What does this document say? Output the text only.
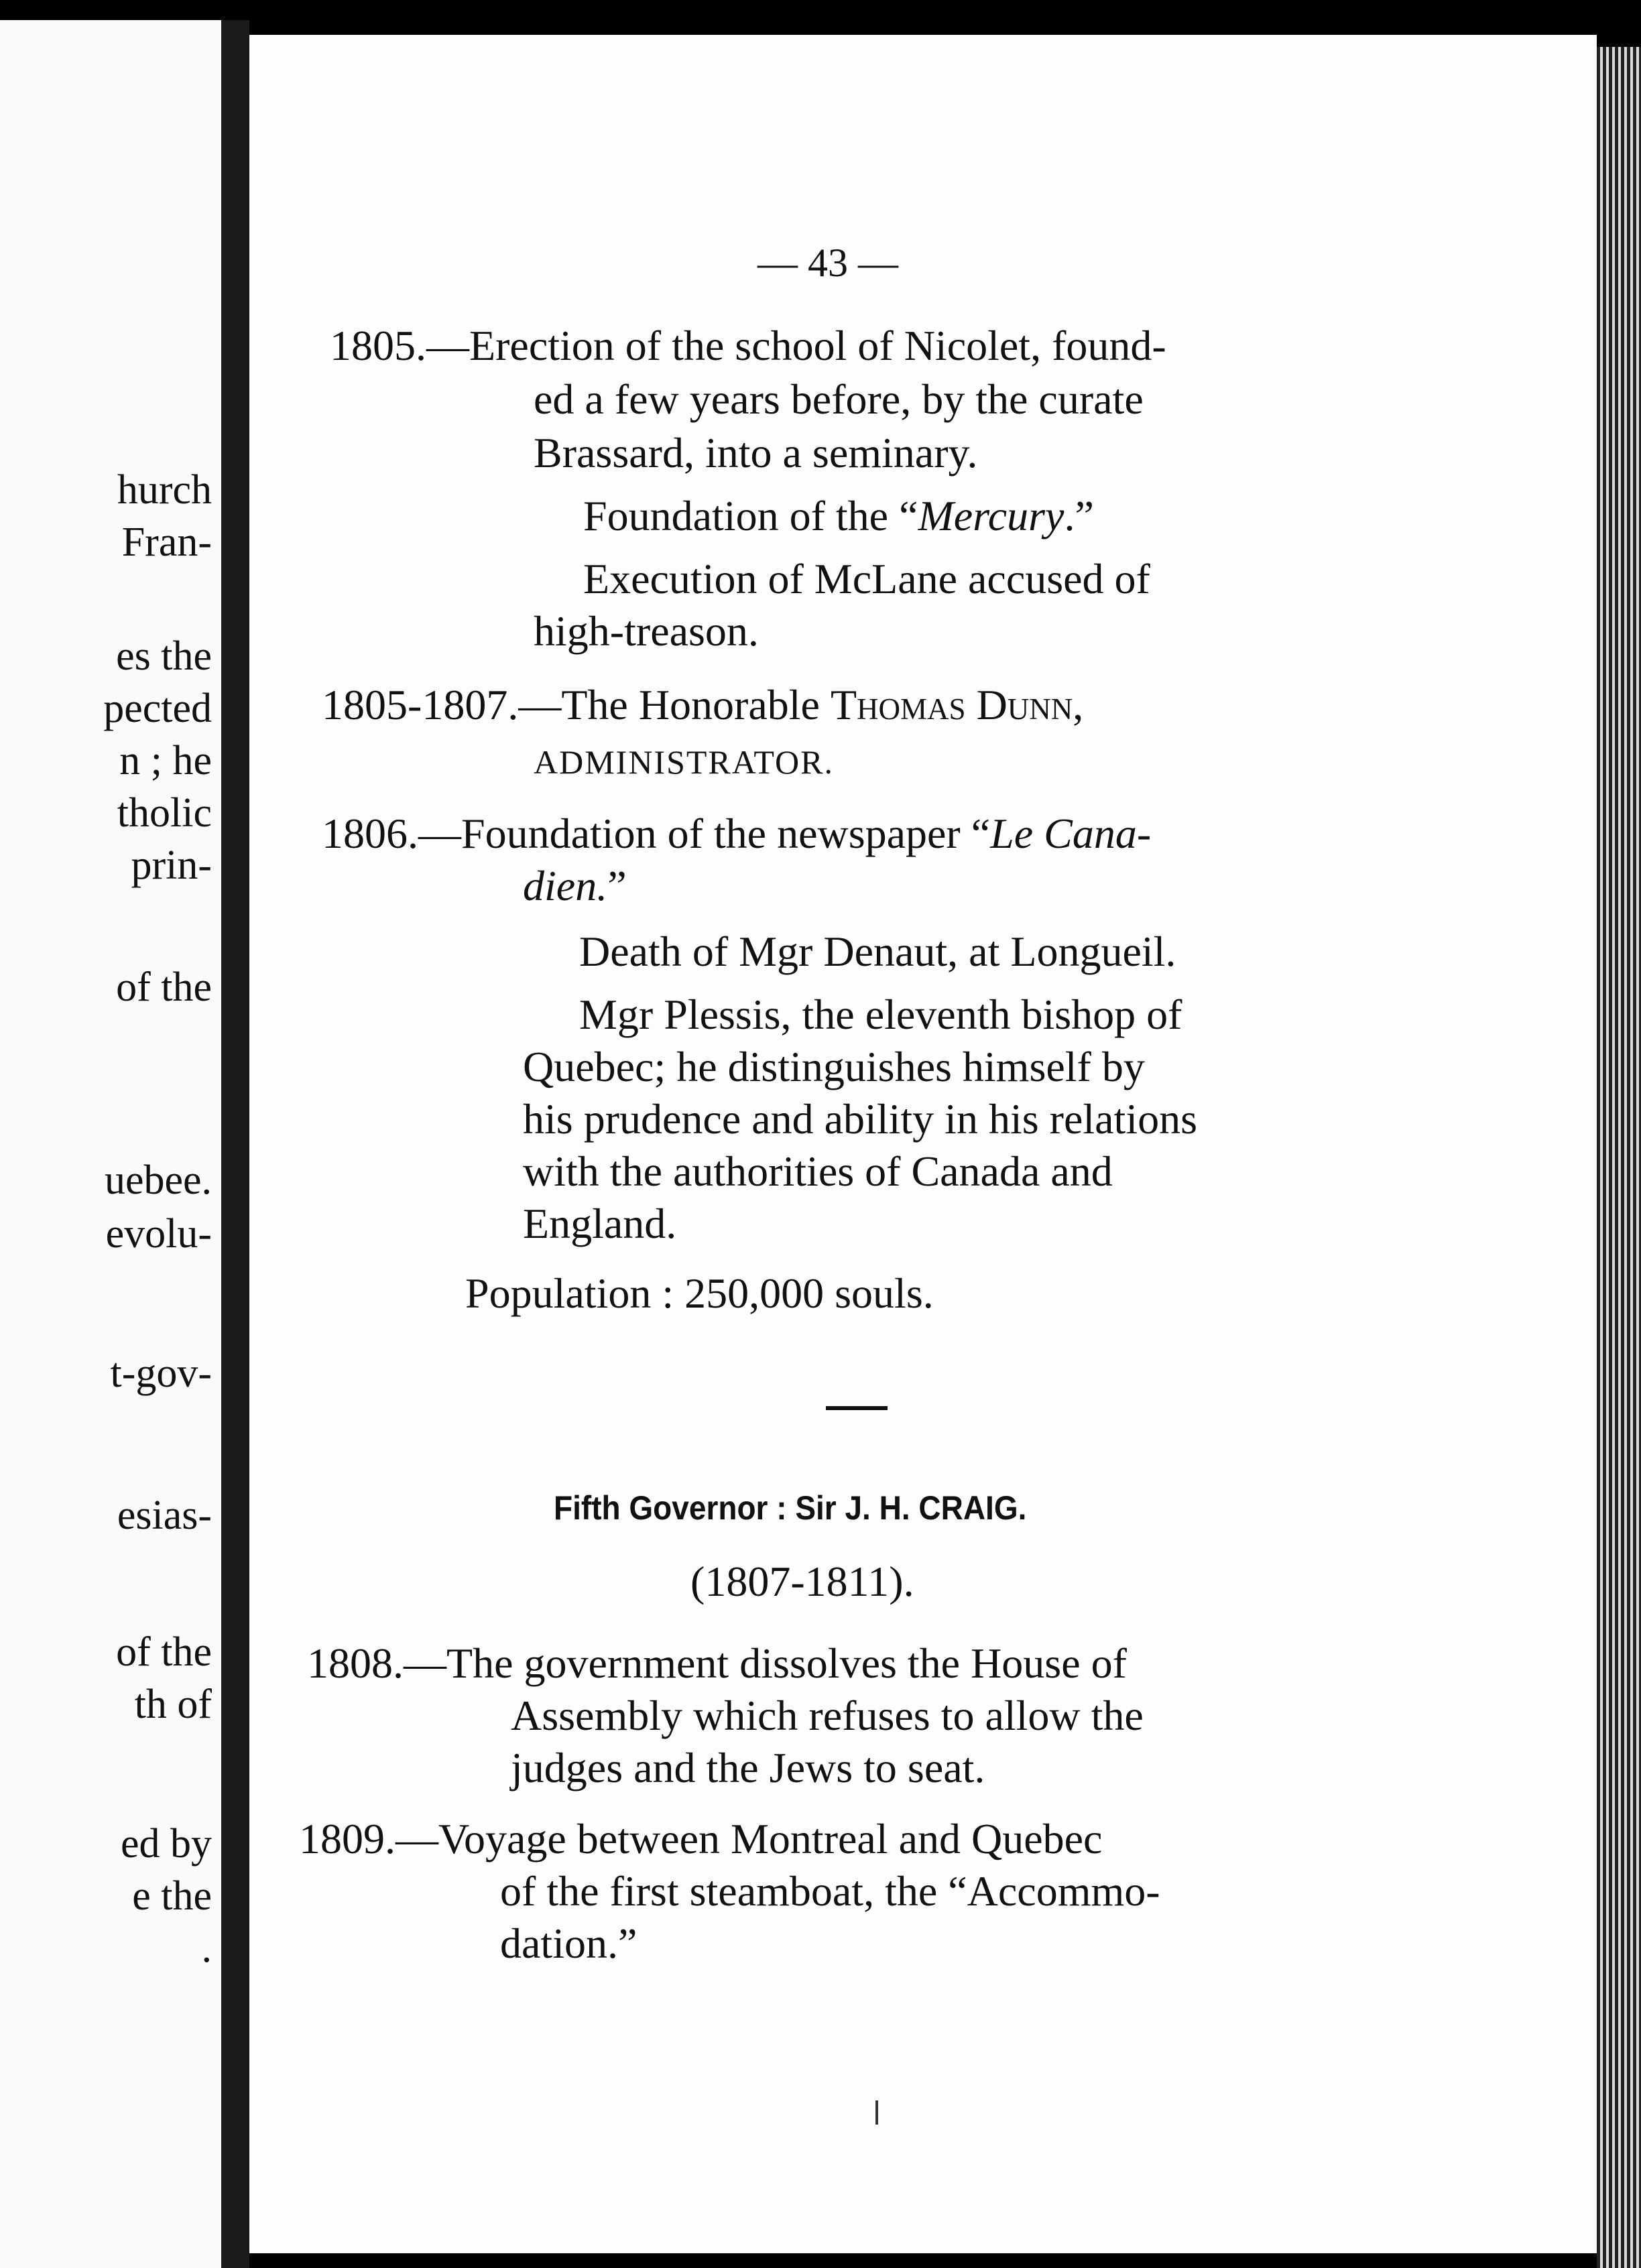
hurch
Fran-
es the
pected
n ; he
tholic
prin-
of the
uebee.
evolu-
t-gov-
esias-
of the
th of
ed by
e the
.
— 43 —
1805.—Erection of the school of Nicolet, found-
ed a few years before, by the curate
Brassard, into a seminary.
Foundation of the “Mercury.”
Execution of McLane accused of
high-treason.
1805-1807.—The Honorable Thomas Dunn,
ADMINISTRATOR.
1806.—Foundation of the newspaper “Le Cana-
dien.”
Death of Mgr Denaut, at Longueil.
Mgr Plessis, the eleventh bishop of
Quebec; he distinguishes himself by
his prudence and ability in his relations
with the authorities of Canada and
England.
Population : 250,000 souls.
Fifth Governor : Sir J. H. CRAIG.
(1807-1811).
1808.—The government dissolves the House of
Assembly which refuses to allow the
judges and the Jews to seat.
1809.—Voyage between Montreal and Quebec
of the first steamboat, the “Accommo-
dation.”
